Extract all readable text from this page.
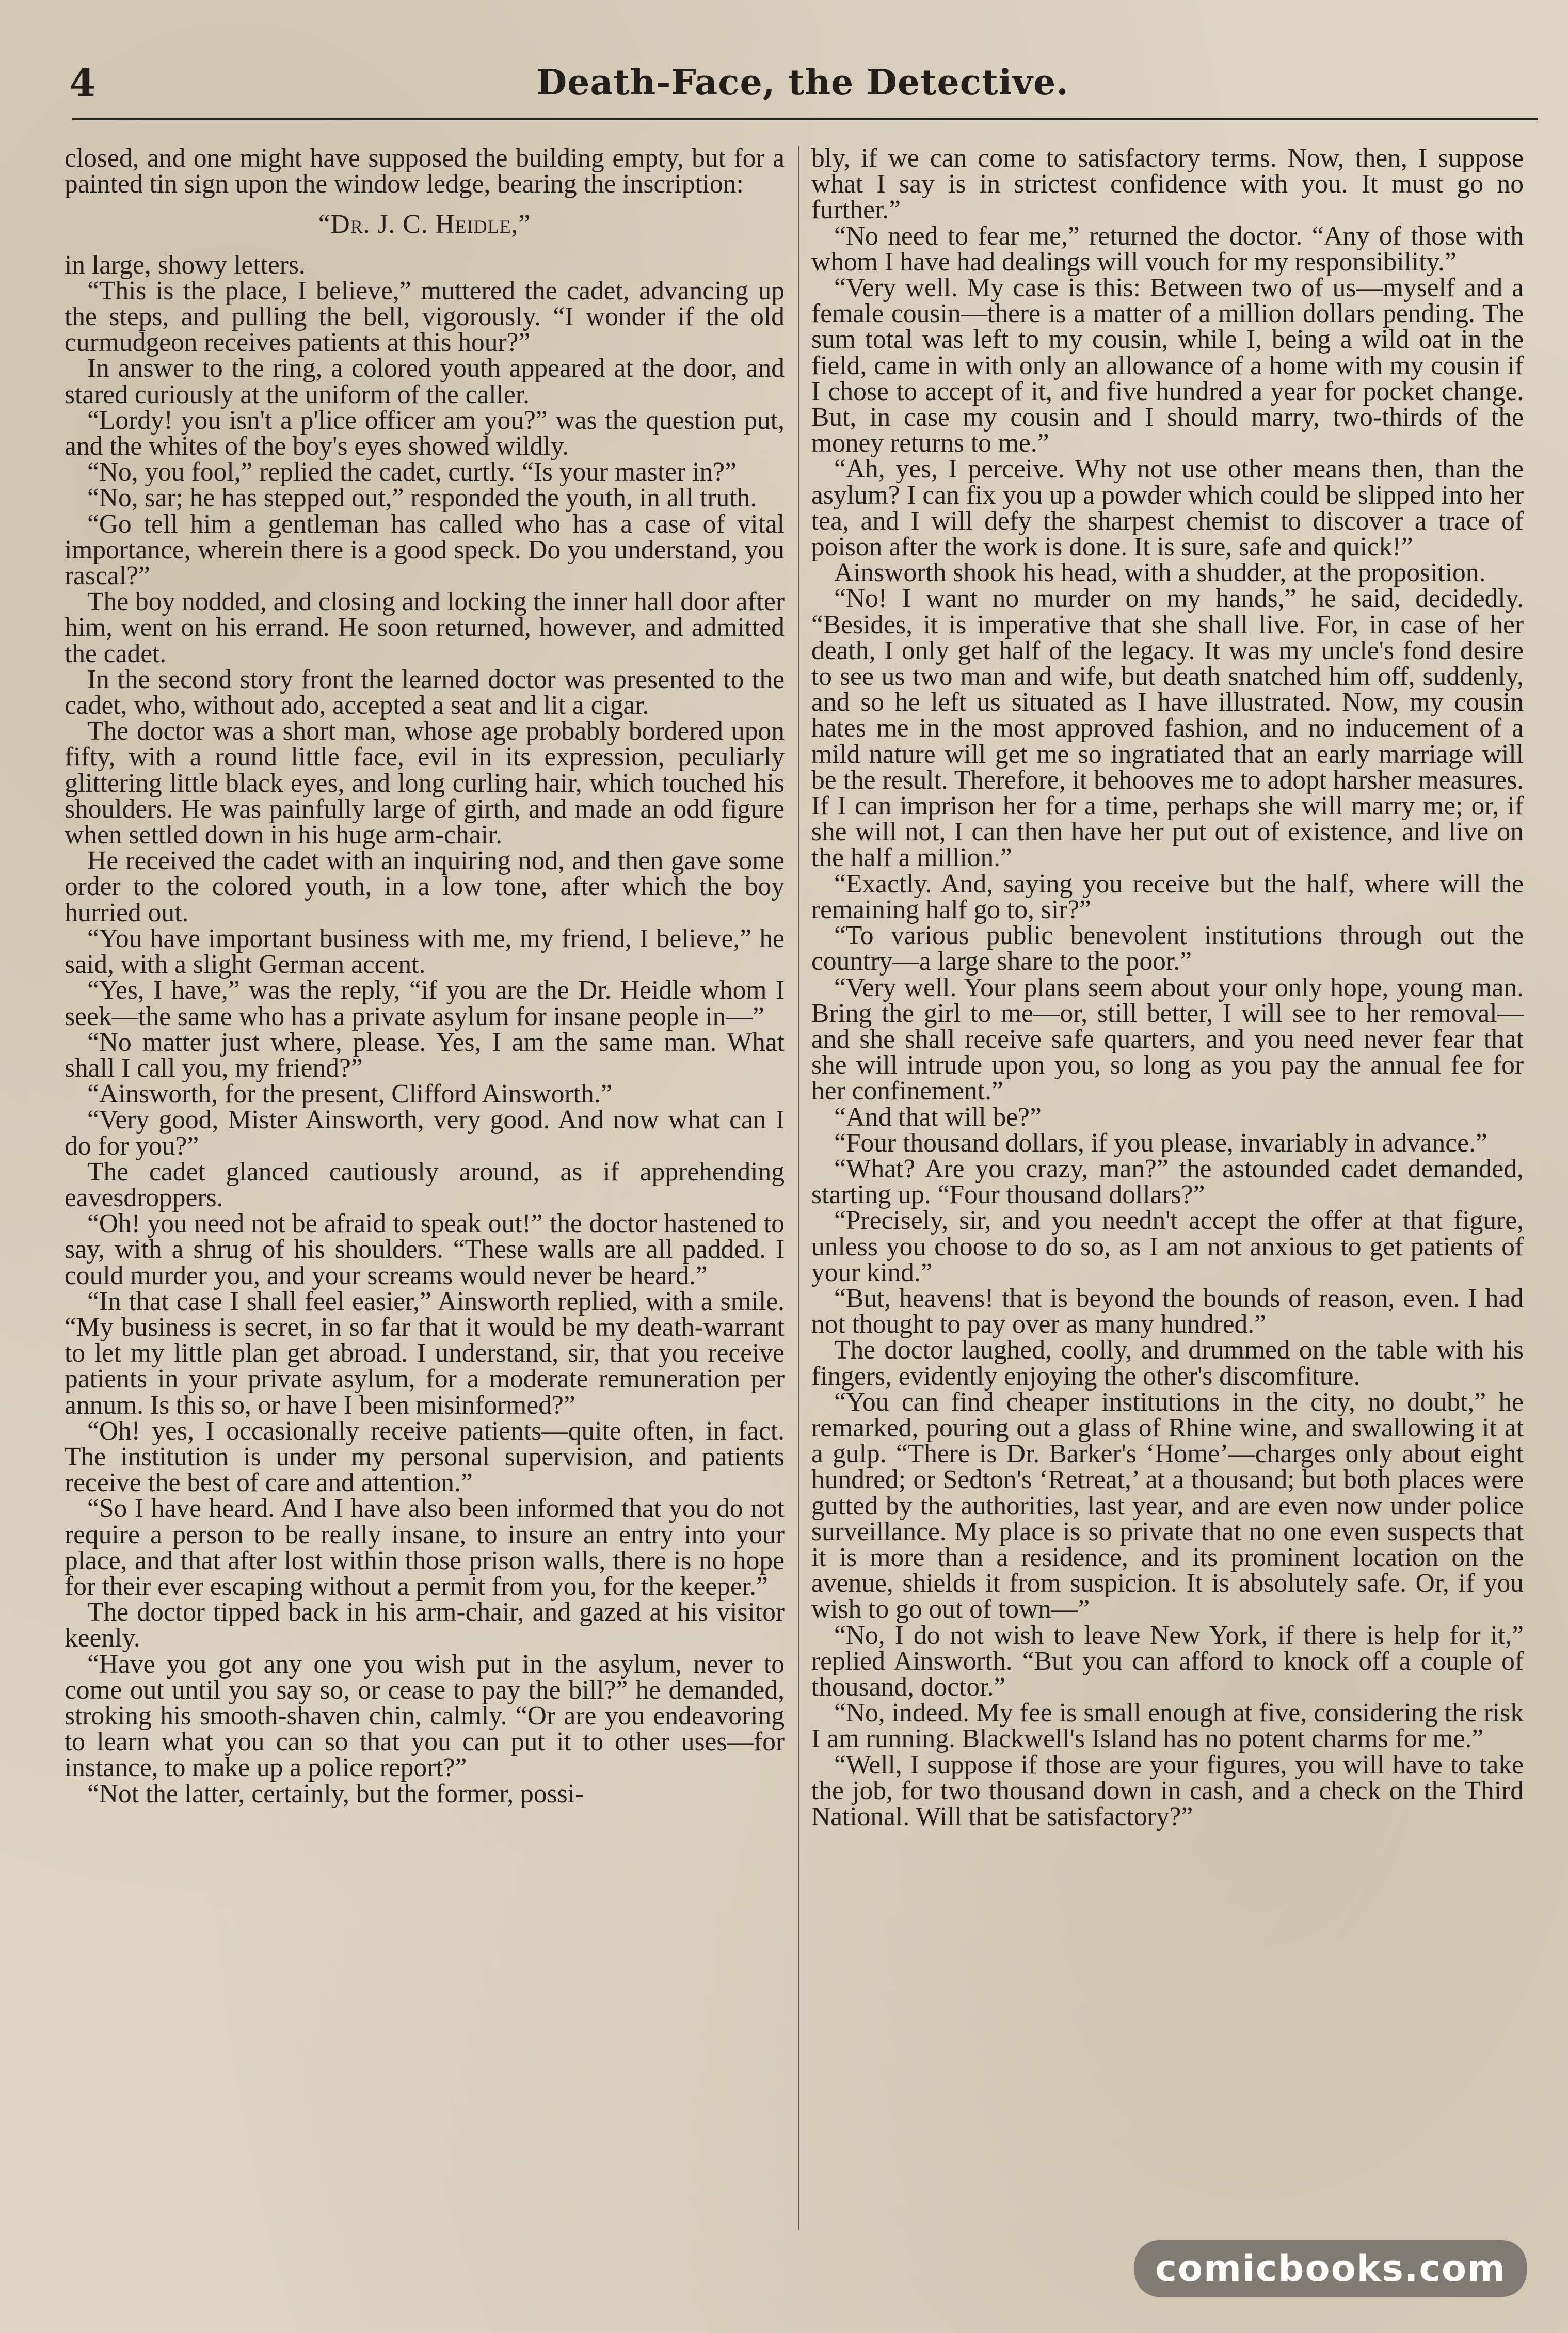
4	Death-Face, the Detective.

closed, and one might have supposed the building empty, but for a painted tin sign upon the window ledge, bearing the inscription:

“Dr. J. C. Heidle,”

in large, showy letters.

“This is the place, I believe,” muttered the cadet, advancing up the steps, and pulling the bell, vigorously. “I wonder if the old curmudgeon receives patients at this hour?”

In answer to the ring, a colored youth appeared at the door, and stared curiously at the uniform of the caller.

“Lordy! you isn't a p'lice officer am you?” was the question put, and the whites of the boy's eyes showed wildly.

“No, you fool,” replied the cadet, curtly. “Is your master in?”

“No, sar; he has stepped out,” responded the youth, in all truth.

“Go tell him a gentleman has called who has a case of vital importance, wherein there is a good speck. Do you understand, you rascal?”

The boy nodded, and closing and locking the inner hall door after him, went on his errand. He soon returned, however, and admitted the cadet.

In the second story front the learned doctor was presented to the cadet, who, without ado, accepted a seat and lit a cigar.

The doctor was a short man, whose age probably bordered upon fifty, with a round little face, evil in its expression, peculiarly glittering little black eyes, and long curling hair, which touched his shoulders. He was painfully large of girth, and made an odd figure when settled down in his huge arm-chair.

He received the cadet with an inquiring nod, and then gave some order to the colored youth, in a low tone, after which the boy hurried out.

“You have important business with me, my friend, I believe,” he said, with a slight German accent.

“Yes, I have,” was the reply, “if you are the Dr. Heidle whom I seek—the same who has a private asylum for insane people in—”

“No matter just where, please. Yes, I am the same man. What shall I call you, my friend?”

“Ainsworth, for the present, Clifford Ainsworth.”

“Very good, Mister Ainsworth, very good. And now what can I do for you?”

The cadet glanced cautiously around, as if apprehending eavesdroppers.

“Oh! you need not be afraid to speak out!” the doctor hastened to say, with a shrug of his shoulders. “These walls are all padded. I could murder you, and your screams would never be heard.”

“In that case I shall feel easier,” Ainsworth replied, with a smile. “My business is secret, in so far that it would be my death-warrant to let my little plan get abroad. I understand, sir, that you receive patients in your private asylum, for a moderate remuneration per annum. Is this so, or have I been misinformed?”

“Oh! yes, I occasionally receive patients—quite often, in fact. The institution is under my personal supervision, and patients receive the best of care and attention.”

“So I have heard. And I have also been informed that you do not require a person to be really insane, to insure an entry into your place, and that after lost within those prison walls, there is no hope for their ever escaping without a permit from you, for the keeper.”

The doctor tipped back in his arm-chair, and gazed at his visitor keenly.

“Have you got any one you wish put in the asylum, never to come out until you say so, or cease to pay the bill?” he demanded, stroking his smooth-shaven chin, calmly. “Or are you endeavoring to learn what you can so that you can put it to other uses—for instance, to make up a police report?”

“Not the latter, certainly, but the former, possi-

bly, if we can come to satisfactory terms. Now, then, I suppose what I say is in strictest confidence with you. It must go no further.”

“No need to fear me,” returned the doctor. “Any of those with whom I have had dealings will vouch for my responsibility.”

“Very well. My case is this: Between two of us—myself and a female cousin—there is a matter of a million dollars pending. The sum total was left to my cousin, while I, being a wild oat in the field, came in with only an allowance of a home with my cousin if I chose to accept of it, and five hundred a year for pocket change. But, in case my cousin and I should marry, two-thirds of the money returns to me.”

“Ah, yes, I perceive. Why not use other means then, than the asylum? I can fix you up a powder which could be slipped into her tea, and I will defy the sharpest chemist to discover a trace of poison after the work is done. It is sure, safe and quick!”

Ainsworth shook his head, with a shudder, at the proposition.

“No! I want no murder on my hands,” he said, decidedly. “Besides, it is imperative that she shall live. For, in case of her death, I only get half of the legacy. It was my uncle's fond desire to see us two man and wife, but death snatched him off, suddenly, and so he left us situated as I have illustrated. Now, my cousin hates me in the most approved fashion, and no inducement of a mild nature will get me so ingratiated that an early marriage will be the result. Therefore, it behooves me to adopt harsher measures. If I can imprison her for a time, perhaps she will marry me; or, if she will not, I can then have her put out of existence, and live on the half a million.”

“Exactly. And, saying you receive but the half, where will the remaining half go to, sir?”

“To various public benevolent institutions through out the country—a large share to the poor.”

“Very well. Your plans seem about your only hope, young man. Bring the girl to me—or, still better, I will see to her removal—and she shall receive safe quarters, and you need never fear that she will intrude upon you, so long as you pay the annual fee for her confinement.”

“And that will be?”

“Four thousand dollars, if you please, invariably in advance.”

“What? Are you crazy, man?” the astounded cadet demanded, starting up. “Four thousand dollars?”

“Precisely, sir, and you needn't accept the offer at that figure, unless you choose to do so, as I am not anxious to get patients of your kind.”

“But, heavens! that is beyond the bounds of reason, even. I had not thought to pay over as many hundred.”

The doctor laughed, coolly, and drummed on the table with his fingers, evidently enjoying the other's discomfiture.

“You can find cheaper institutions in the city, no doubt,” he remarked, pouring out a glass of Rhine wine, and swallowing it at a gulp. “There is Dr. Barker's ‘Home’—charges only about eight hundred; or Sedton's ‘Retreat,’ at a thousand; but both places were gutted by the authorities, last year, and are even now under police surveillance. My place is so private that no one even suspects that it is more than a residence, and its prominent location on the avenue, shields it from suspicion. It is absolutely safe. Or, if you wish to go out of town—”

“No, I do not wish to leave New York, if there is help for it,” replied Ainsworth. “But you can afford to knock off a couple of thousand, doctor.”

“No, indeed. My fee is small enough at five, considering the risk I am running. Blackwell's Island has no potent charms for me.”

“Well, I suppose if those are your figures, you will have to take the job, for two thousand down in cash, and a check on the Third National. Will that be satisfactory?”

comicbooks.com
